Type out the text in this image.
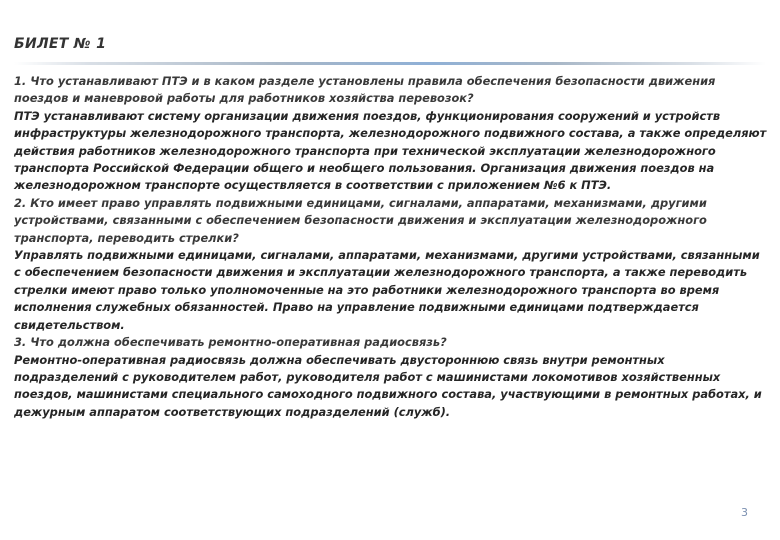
БИЛЕТ № 1

1. Что устанавливают ПТЭ и в каком разделе установлены правила обеспечения безопасности движения поездов и маневровой работы для работников хозяйства перевозок?

ПТЭ устанавливают систему организации движения поездов, функционирования сооружений и устройств инфраструктуры железнодорожного транспорта, железнодорожного подвижного состава, а также определяют действия работников железнодорожного транспорта при технической эксплуатации железнодорожного транспорта Российской Федерации общего и необщего пользования. Организация движения поездов на железнодорожном транспорте осуществляется в соответствии с приложением №6 к ПТЭ.

2. Кто имеет право управлять подвижными единицами, сигналами, аппаратами, механизмами, другими устройствами, связанными с обеспечением безопасности движения и эксплуатации железнодорожного транспорта, переводить стрелки?

Управлять подвижными единицами, сигналами, аппаратами, механизмами, другими устройствами, связанными с обеспечением безопасности движения и эксплуатации железнодорожного транспорта, а также переводить стрелки имеют право только уполномоченные на это работники железнодорожного транспорта во время исполнения служебных обязанностей. Право на управление подвижными единицами подтверждается свидетельством.

3. Что должна обеспечивать ремонтно-оперативная радиосвязь?

Ремонтно-оперативная радиосвязь должна обеспечивать двустороннюю связь внутри ремонтных подразделений с руководителем работ, руководителя работ с машинистами локомотивов хозяйственных поездов, машинистами специального самоходного подвижного состава, участвующими в ремонтных работах, и дежурным аппаратом соответствующих подразделений (служб).

3
